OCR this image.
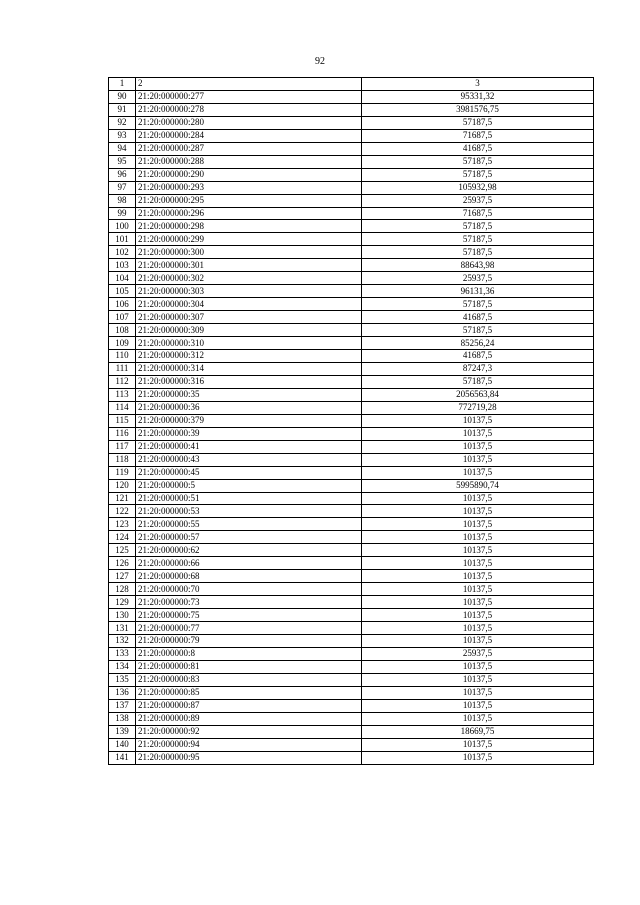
92
1	2	3
90	21:20:000000:277	95331,32
91	21:20:000000:278	3981576,75
92	21:20:000000:280	57187,5
93	21:20:000000:284	71687,5
94	21:20:000000:287	41687,5
95	21:20:000000:288	57187,5
96	21:20:000000:290	57187,5
97	21:20:000000:293	105932,98
98	21:20:000000:295	25937,5
99	21:20:000000:296	71687,5
100	21:20:000000:298	57187,5
101	21:20:000000:299	57187,5
102	21:20:000000:300	57187,5
103	21:20:000000:301	88643,98
104	21:20:000000:302	25937,5
105	21:20:000000:303	96131,36
106	21:20:000000:304	57187,5
107	21:20:000000:307	41687,5
108	21:20:000000:309	57187,5
109	21:20:000000:310	85256,24
110	21:20:000000:312	41687,5
111	21:20:000000:314	87247,3
112	21:20:000000:316	57187,5
113	21:20:000000:35	2056563,84
114	21:20:000000:36	772719,28
115	21:20:000000:379	10137,5
116	21:20:000000:39	10137,5
117	21:20:000000:41	10137,5
118	21:20:000000:43	10137,5
119	21:20:000000:45	10137,5
120	21:20:000000:5	5995890,74
121	21:20:000000:51	10137,5
122	21:20:000000:53	10137,5
123	21:20:000000:55	10137,5
124	21:20:000000:57	10137,5
125	21:20:000000:62	10137,5
126	21:20:000000:66	10137,5
127	21:20:000000:68	10137,5
128	21:20:000000:70	10137,5
129	21:20:000000:73	10137,5
130	21:20:000000:75	10137,5
131	21:20:000000:77	10137,5
132	21:20:000000:79	10137,5
133	21:20:000000:8	25937,5
134	21:20:000000:81	10137,5
135	21:20:000000:83	10137,5
136	21:20:000000:85	10137,5
137	21:20:000000:87	10137,5
138	21:20:000000:89	10137,5
139	21:20:000000:92	18669,75
140	21:20:000000:94	10137,5
141	21:20:000000:95	10137,5
